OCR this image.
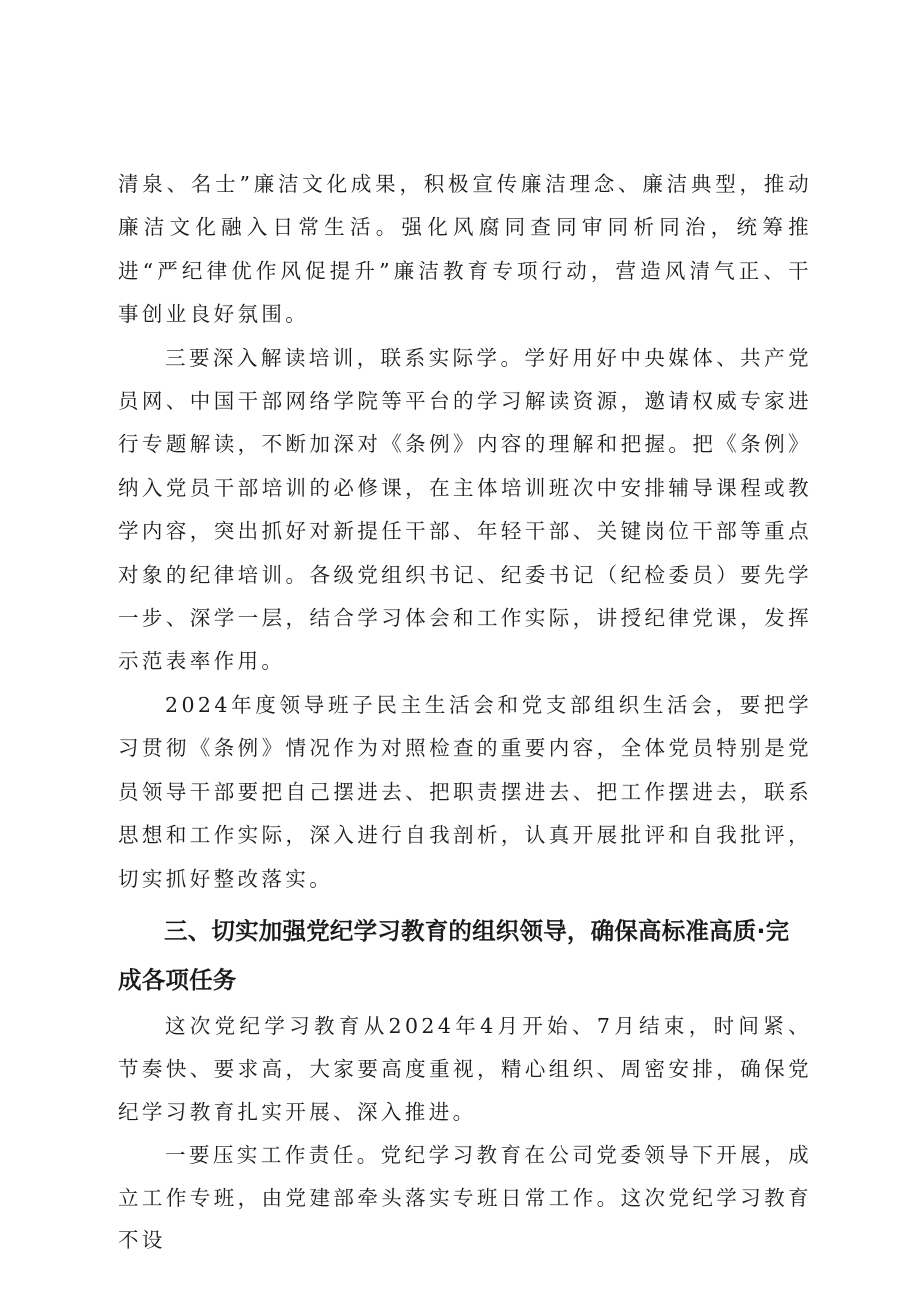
清泉、名士”廉洁文化成果，积极宣传廉洁理念、廉洁典型，推动廉洁文化融入日常生活。强化风腐同查同审同析同治，统筹推进“严纪律优作风促提升”廉洁教育专项行动，营造风清气正、干事创业良好氛围。

三要深入解读培训，联系实际学。学好用好中央媒体、共产党员网、中国干部网络学院等平台的学习解读资源，邀请权威专家进行专题解读，不断加深对《条例》内容的理解和把握。把《条例》纳入党员干部培训的必修课，在主体培训班次中安排辅导课程或教学内容，突出抓好对新提任干部、年轻干部、关键岗位干部等重点对象的纪律培训。各级党组织书记、纪委书记（纪检委员）要先学一步、深学一层，结合学习体会和工作实际，讲授纪律党课，发挥示范表率作用。

2024年度领导班子民主生活会和党支部组织生活会，要把学习贯彻《条例》情况作为对照检查的重要内容，全体党员特别是党员领导干部要把自己摆进去、把职责摆进去、把工作摆进去，联系思想和工作实际，深入进行自我剖析，认真开展批评和自我批评，切实抓好整改落实。

三、切实加强党纪学习教育的组织领导，确保高标准高质·完成各项任务

这次党纪学习教育从2024年4月开始、7月结束，时间紧、节奏快、要求高，大家要高度重视，精心组织、周密安排，确保党纪学习教育扎实开展、深入推进。

一要压实工作责任。党纪学习教育在公司党委领导下开展，成立工作专班，由党建部牵头落实专班日常工作。这次党纪学习教育不设
